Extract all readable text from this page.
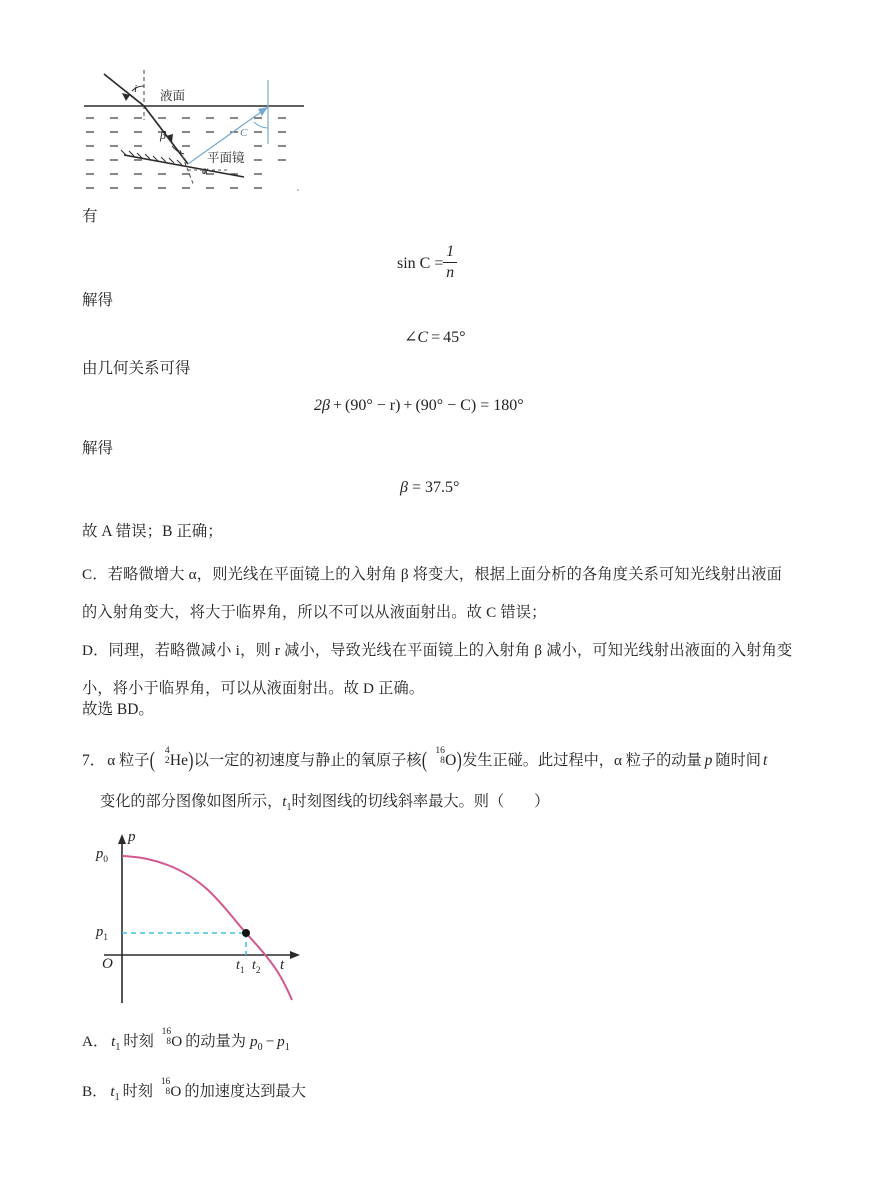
i 液面
β
α
平面镜
C
有
$\sin C = \frac{1}{n}$
解得
∠C = 45°
由几何关系可得
2β + (90° − r) + (90° − C) = 180°
解得
β = 37.5°
故 A 错误；B 正确；
C．若略微增大 α，则光线在平面镜上的入射角 β 将变大，根据上面分析的各角度关系可知光线射出液面的入射角变大，将大于临界角，所以不可以从液面射出。故 C 错误；
D．同理，若略微减小 i，则 r 减小，导致光线在平面镜上的入射角 β 减小，可知光线射出液面的入射角变小，将小于临界角，可以从液面射出。故 D 正确。
故选 BD。
7． α 粒子( 4
2 He)以一定的初速度与静止的氧原子核( 16
8 O)发生正碰。此过程中，α 粒子的动量 p 随时间 t
变化的部分图像如图所示，$t_1$时刻图线的切线斜率最大。则（ ）
p
t
O
$p_0$
$p_1$
$t_1$ $t_2$
A． $t_1$ 时刻
16
8 O 的动量为 $p_0 - p_1$
B． $t_1$ 时刻
16
8 O 的加速度达到最大
